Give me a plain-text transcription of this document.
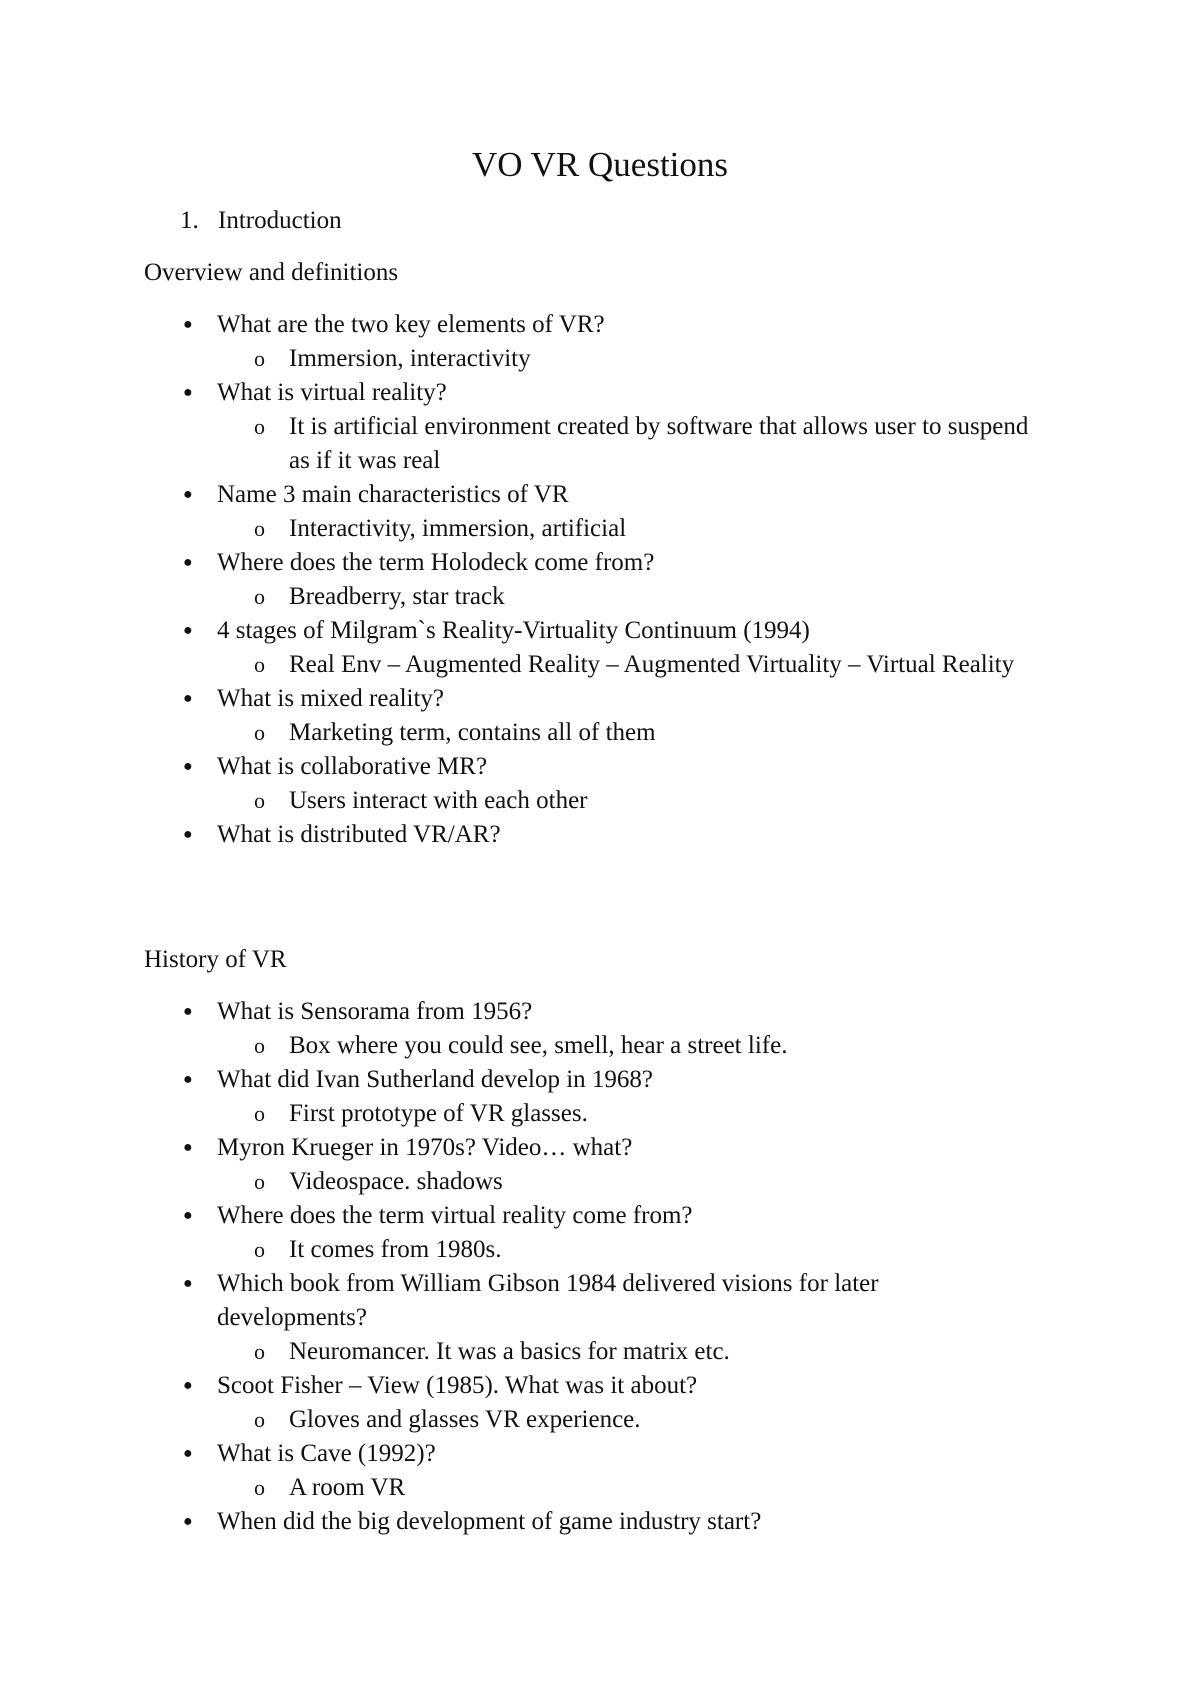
VO VR Questions
1. Introduction
Overview and definitions
● What are the two key elements of VR?
o Immersion, interactivity
● What is virtual reality?
o It is artificial environment created by software that allows user to suspend as if it was real
● Name 3 main characteristics of VR
o Interactivity, immersion, artificial
● Where does the term Holodeck come from?
o Breadberry, star track
● 4 stages of Milgram`s Reality-Virtuality Continuum (1994)
o Real Env – Augmented Reality – Augmented Virtuality – Virtual Reality
● What is mixed reality?
o Marketing term, contains all of them
● What is collaborative MR?
o Users interact with each other
● What is distributed VR/AR?
History of VR
● What is Sensorama from 1956?
o Box where you could see, smell, hear a street life.
● What did Ivan Sutherland develop in 1968?
o First prototype of VR glasses.
● Myron Krueger in 1970s? Video… what?
o Videospace. shadows
● Where does the term virtual reality come from?
o It comes from 1980s.
● Which book from William Gibson 1984 delivered visions for later developments?
o Neuromancer. It was a basics for matrix etc.
● Scoot Fisher – View (1985). What was it about?
o Gloves and glasses VR experience.
● What is Cave (1992)?
o A room VR
● When did the big development of game industry start?
